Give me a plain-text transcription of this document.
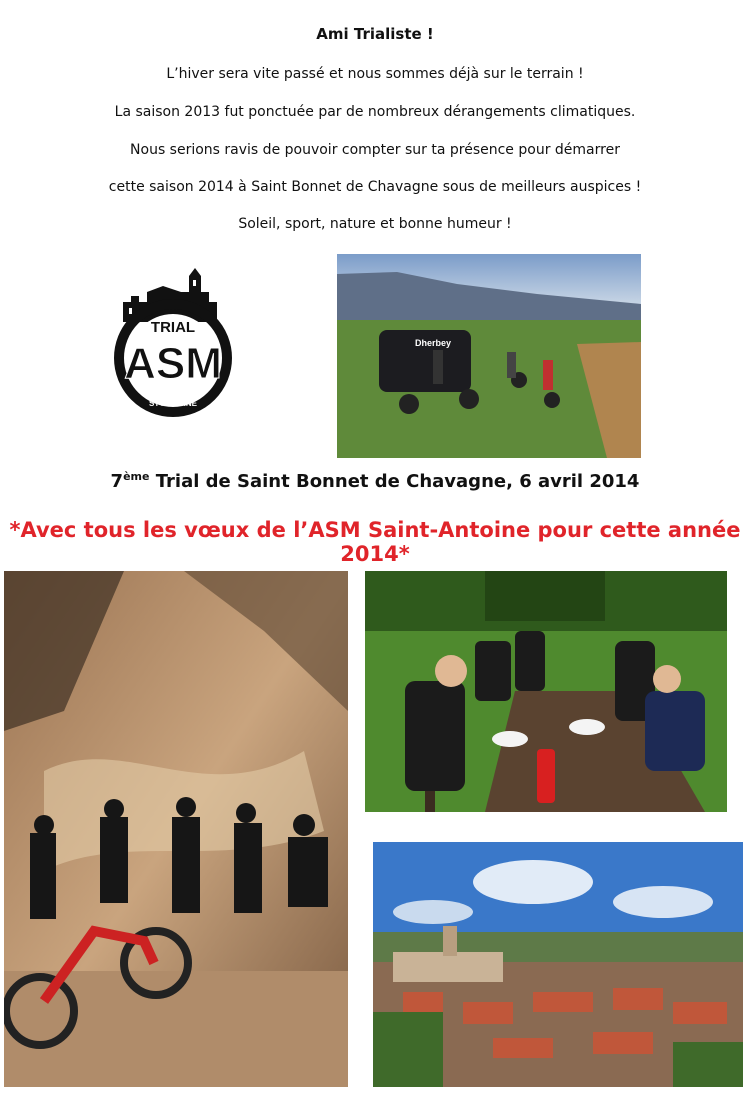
Ami Trialiste !
L’hiver sera vite passé et nous sommes déjà sur le terrain !
La saison 2013 fut ponctuée par de nombreux dérangements climatiques.
Nous serions ravis de pouvoir compter sur ta présence pour démarrer
cette saison 2014 à Saint Bonnet de Chavagne sous de meilleurs auspices !
Soleil, sport, nature et bonne humeur !
TRIAL
ASM
ST ANTOINE
Dherbey
7ème Trial de Saint Bonnet de Chavagne, 6 avril 2014
*Avec tous les vœux de l’ASM Saint-Antoine pour cette année 2014*
